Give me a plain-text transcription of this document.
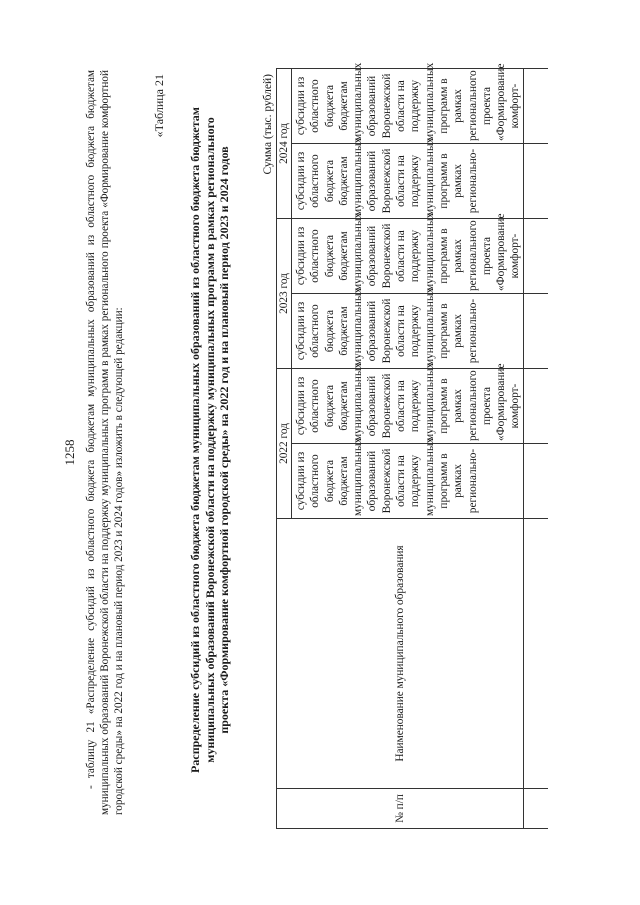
1258 - таблицу 21 «Распределение субсидий из областного бюджета бюджетам муниципальных образований из областного бюджета бюджетам муниципальных образований Воронежской области на поддержку муниципальных программ в рамках регионального проекта «Формирование комфортной городской среды» на 2022 год и на плановый период 2023 и 2024 годов» изложить в следующей редакции:

«Таблица 21
Распределение субсидий из областного бюджета бюджетам муниципальных образований из областного бюджета бюджетам муниципальных образований Воронежской области на поддержку муниципальных программ в рамках регионального проекта «Формирование комфортной городской среды» на 2022 год и на плановый период 2023 и 2024 годов
Сумма (тыс. рублей)
№ п/п	Наименование муниципального образования	2022 год		2023 год		2024 год	
		субсидии из областного бюджета бюджетам муниципальных образований Воронежской области на поддержку муниципальных программ в рамках регионально-	субсидии из областного бюджета бюджетам муниципальных образований Воронежской области на поддержку муниципальных программ в рамках регионального проекта «Формирование комфорт-	субсидии из областного бюджета бюджетам муниципальных образований Воронежской области на поддержку муниципальных программ в рамках регионально-	субсидии из областного бюджета бюджетам муниципальных образований Воронежской области на поддержку муниципальных программ в рамках регионального проекта «Формирование комфорт-	субсидии из областного бюджета бюджетам муниципальных образований Воронежской области на поддержку муниципальных программ в рамках регионально-	субсидии из областного бюджета бюджетам муниципальных образований Воронежской области на поддержку муниципальных программ в рамках регионального проекта «Формирование комфорт-
